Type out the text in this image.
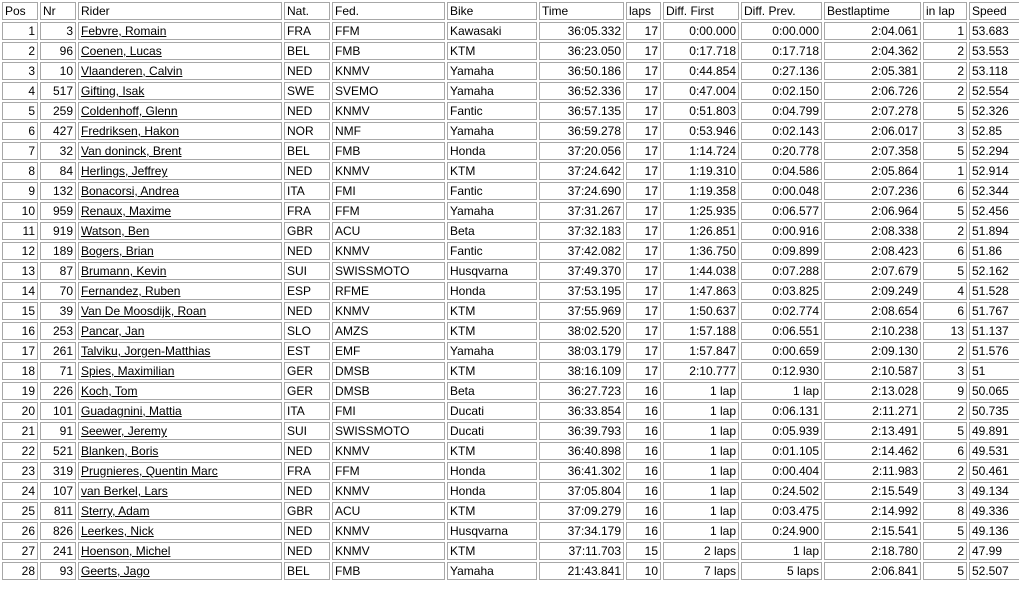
Pos	Nr	Rider	Nat.	Fed.	Bike	Time	laps	Diff. First	Diff. Prev.	Bestlaptime	in lap	Speed
1	3	Febvre, Romain	FRA	FFM	Kawasaki	36:05.332	17	0:00.000	0:00.000	2:04.061	1	53.683
2	96	Coenen, Lucas	BEL	FMB	KTM	36:23.050	17	0:17.718	0:17.718	2:04.362	2	53.553
3	10	Vlaanderen, Calvin	NED	KNMV	Yamaha	36:50.186	17	0:44.854	0:27.136	2:05.381	2	53.118
4	517	Gifting, Isak	SWE	SVEMO	Yamaha	36:52.336	17	0:47.004	0:02.150	2:06.726	2	52.554
5	259	Coldenhoff, Glenn	NED	KNMV	Fantic	36:57.135	17	0:51.803	0:04.799	2:07.278	5	52.326
6	427	Fredriksen, Hakon	NOR	NMF	Yamaha	36:59.278	17	0:53.946	0:02.143	2:06.017	3	52.85
7	32	Van doninck, Brent	BEL	FMB	Honda	37:20.056	17	1:14.724	0:20.778	2:07.358	5	52.294
8	84	Herlings, Jeffrey	NED	KNMV	KTM	37:24.642	17	1:19.310	0:04.586	2:05.864	1	52.914
9	132	Bonacorsi, Andrea	ITA	FMI	Fantic	37:24.690	17	1:19.358	0:00.048	2:07.236	6	52.344
10	959	Renaux, Maxime	FRA	FFM	Yamaha	37:31.267	17	1:25.935	0:06.577	2:06.964	5	52.456
11	919	Watson, Ben	GBR	ACU	Beta	37:32.183	17	1:26.851	0:00.916	2:08.338	2	51.894
12	189	Bogers, Brian	NED	KNMV	Fantic	37:42.082	17	1:36.750	0:09.899	2:08.423	6	51.86
13	87	Brumann, Kevin	SUI	SWISSMOTO	Husqvarna	37:49.370	17	1:44.038	0:07.288	2:07.679	5	52.162
14	70	Fernandez, Ruben	ESP	RFME	Honda	37:53.195	17	1:47.863	0:03.825	2:09.249	4	51.528
15	39	Van De Moosdijk, Roan	NED	KNMV	KTM	37:55.969	17	1:50.637	0:02.774	2:08.654	6	51.767
16	253	Pancar, Jan	SLO	AMZS	KTM	38:02.520	17	1:57.188	0:06.551	2:10.238	13	51.137
17	261	Talviku, Jorgen-Matthias	EST	EMF	Yamaha	38:03.179	17	1:57.847	0:00.659	2:09.130	2	51.576
18	71	Spies, Maximilian	GER	DMSB	KTM	38:16.109	17	2:10.777	0:12.930	2:10.587	3	51
19	226	Koch, Tom	GER	DMSB	Beta	36:27.723	16	1 lap	1 lap	2:13.028	9	50.065
20	101	Guadagnini, Mattia	ITA	FMI	Ducati	36:33.854	16	1 lap	0:06.131	2:11.271	2	50.735
21	91	Seewer, Jeremy	SUI	SWISSMOTO	Ducati	36:39.793	16	1 lap	0:05.939	2:13.491	5	49.891
22	521	Blanken, Boris	NED	KNMV	KTM	36:40.898	16	1 lap	0:01.105	2:14.462	6	49.531
23	319	Prugnieres, Quentin Marc	FRA	FFM	Honda	36:41.302	16	1 lap	0:00.404	2:11.983	2	50.461
24	107	van Berkel, Lars	NED	KNMV	Honda	37:05.804	16	1 lap	0:24.502	2:15.549	3	49.134
25	811	Sterry, Adam	GBR	ACU	KTM	37:09.279	16	1 lap	0:03.475	2:14.992	8	49.336
26	826	Leerkes, Nick	NED	KNMV	Husqvarna	37:34.179	16	1 lap	0:24.900	2:15.541	5	49.136
27	241	Hoenson, Michel	NED	KNMV	KTM	37:11.703	15	2 laps	1 lap	2:18.780	2	47.99
28	93	Geerts, Jago	BEL	FMB	Yamaha	21:43.841	10	7 laps	5 laps	2:06.841	5	52.507
